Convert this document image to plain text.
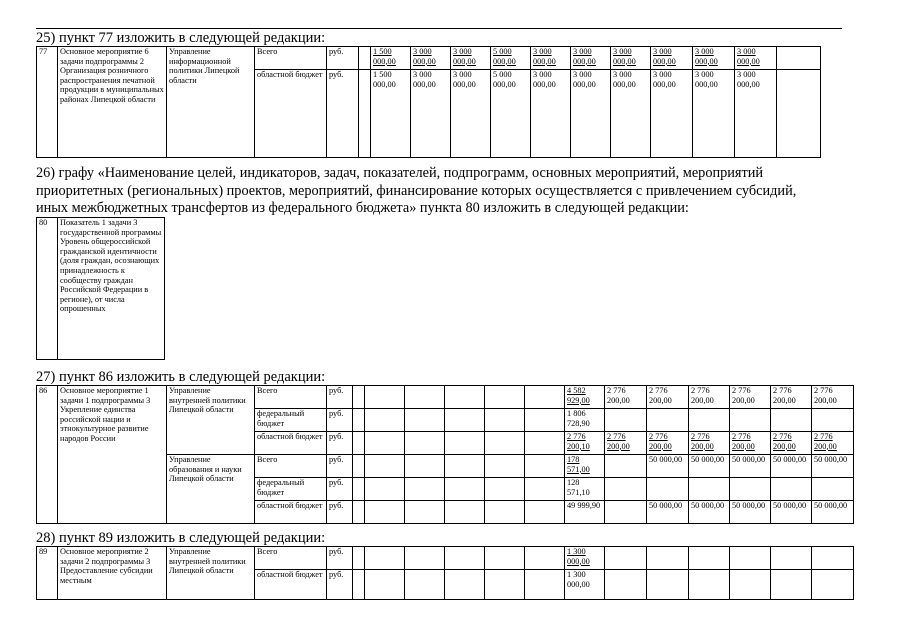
25) пункт 77 изложить в следующей редакции:
77	Основное мероприятие 6 задачи подпрограммы 2 Организация розничного распространения печатной продукции в муниципальных районах Липецкой области	Управление информационной политики Липецкой области	Всего	руб.		1 500 000,00	3 000 000,00	3 000 000,00	5 000 000,00	3 000 000,00	3 000 000,00	3 000 000,00	3 000 000,00	3 000 000,00	3 000 000,00	
			областной бюджет	руб.		1 500 000,00	3 000 000,00	3 000 000,00	5 000 000,00	3 000 000,00	3 000 000,00	3 000 000,00	3 000 000,00	3 000 000,00	3 000 000,00	
26) графу «Наименование целей, индикаторов, задач, показателей, подпрограмм, основных мероприятий, мероприятий приоритетных (региональных) проектов, мероприятий, финансирование которых осуществляется с привлечением субсидий, иных межбюджетных трансфертов из федерального бюджета» пункта 80 изложить в следующей редакции:
80	Показатель 1 задачи 3 государственной программы Уровень общероссийской гражданской идентичности (доля граждан, осознающих принадлежность к сообществу граждан Российской Федерации в регионе), от числа опрошенных
27) пункт 86 изложить в следующей редакции:
86	Основное мероприятие 1 задачи 1 подпрограммы 3 Укрепление единства российской нации и этнокультурное развитие народов России	Управление внутренней политики Липецкой области	Всего	руб.							4 582 929,00	2 776 200,00	2 776 200,00	2 776 200,00	2 776 200,00	2 776 200,00	2 776 200,00
			федеральный бюджет	руб.							1 806 728,90						
			областной бюджет	руб.							2 776 200,10	2 776 200,00	2 776 200,00	2 776 200,00	2 776 200,00	2 776 200,00	2 776 200,00
		Управление образования и науки Липецкой области	Всего	руб.							178 571,00		50 000,00	50 000,00	50 000,00	50 000,00	50 000,00
			федеральный бюджет	руб.							128 571,10						
			областной бюджет	руб.							49 999,90		50 000,00	50 000,00	50 000,00	50 000,00	50 000,00
28) пункт 89 изложить в следующей редакции:
89	Основное мероприятие 2 задачи 2 подпрограммы 3 Предоставление субсидии местным	Управление внутренней политики Липецкой области	Всего	руб.							1 300 000,00						
			областной бюджет	руб.							1 300 000,00						
